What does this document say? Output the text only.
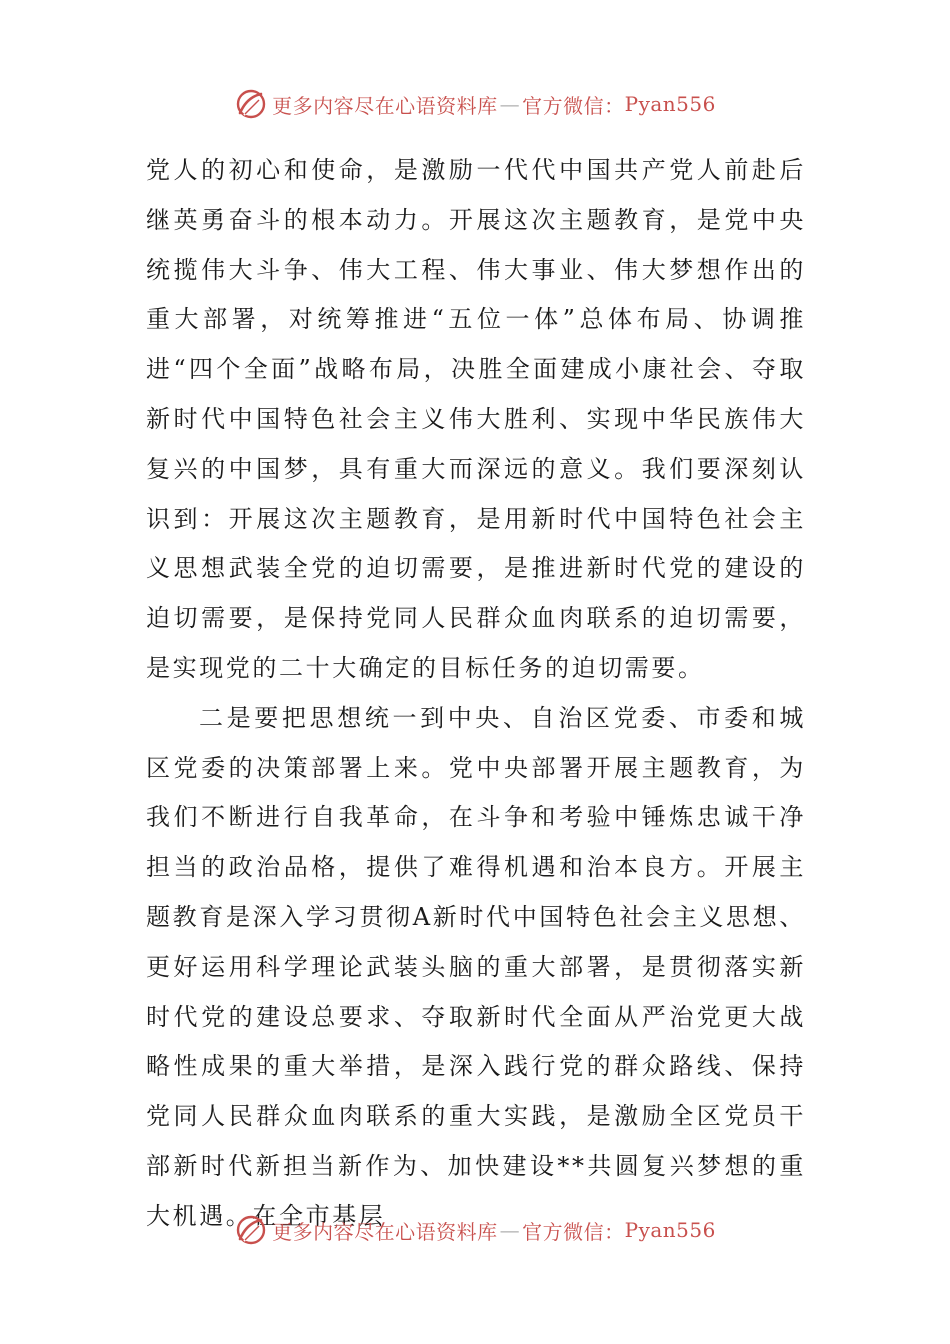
更多内容尽在心语资料库 — 官方微信： Pyan556

党人的初心和使命，是激励一代代中国共产党人前赴后继英勇奋斗的根本动力。开展这次主题教育，是党中央统揽伟大斗争、伟大工程、伟大事业、伟大梦想作出的重大部署，对统筹推进“五位一体”总体布局、协调推进“四个全面”战略布局，决胜全面建成小康社会、夺取新时代中国特色社会主义伟大胜利、实现中华民族伟大复兴的中国梦，具有重大而深远的意义。我们要深刻认识到：开展这次主题教育，是用新时代中国特色社会主义思想武装全党的迫切需要，是推进新时代党的建设的迫切需要，是保持党同人民群众血肉联系的迫切需要，是实现党的二十大确定的目标任务的迫切需要。

二是要把思想统一到中央、自治区党委、市委和城区党委的决策部署上来。党中央部署开展主题教育，为我们不断进行自我革命，在斗争和考验中锤炼忠诚干净担当的政治品格，提供了难得机遇和治本良方。开展主题教育是深入学习贯彻A新时代中国特色社会主义思想、更好运用科学理论武装头脑的重大部署，是贯彻落实新时代党的建设总要求、夺取新时代全面从严治党更大战略性成果的重大举措，是深入践行党的群众路线、保持党同人民群众血肉联系的重大实践，是激励全区党员干部新时代新担当新作为、加快建设**共圆复兴梦想的重大机遇。在全市基层

更多内容尽在心语资料库 — 官方微信： Pyan556
